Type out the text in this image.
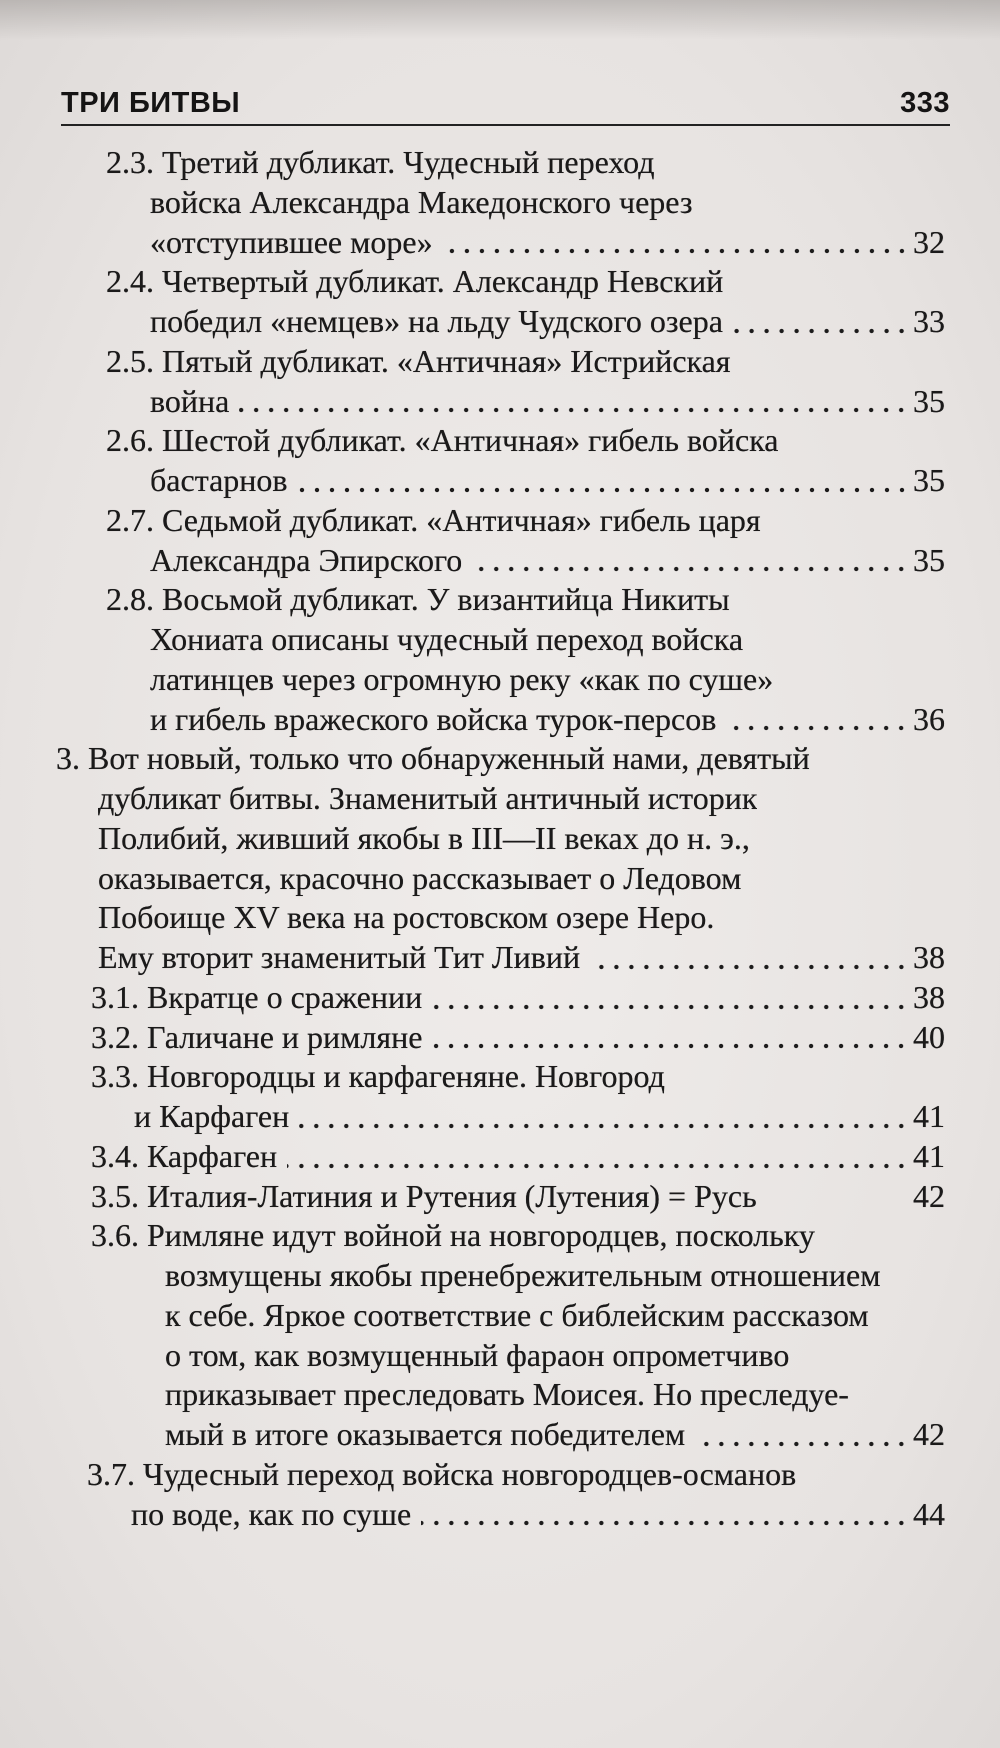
ТРИ БИТВЫ	333
2.3. Третий дубликат. Чудесный переход
войска Александра Македонского через
«отступившее море»	32
2.4. Четвертый дубликат. Александр Невский
победил «немцев» на льду Чудского озера	33
2.5. Пятый дубликат. «Античная» Истрийская
война	35
2.6. Шестой дубликат. «Античная» гибель войска
бастарнов	35
2.7. Седьмой дубликат. «Античная» гибель царя
Александра Эпирского	35
2.8. Восьмой дубликат. У византийца Никиты
Хониата описаны чудесный переход войска
латинцев через огромную реку «как по суше»
и гибель вражеского войска турок-персов	36
3. Вот новый, только что обнаруженный нами, девятый
дубликат битвы. Знаменитый античный историк
Полибий, живший якобы в III—II веках до н. э.,
оказывается, красочно рассказывает о Ледовом
Побоище XV века на ростовском озере Неро.
Ему вторит знаменитый Тит Ливий	38
3.1. Вкратце о сражении	38
3.2. Галичане и римляне	40
3.3. Новгородцы и карфагеняне. Новгород
и Карфаген	41
3.4. Карфаген	41
3.5. Италия-Латиния и Рутения (Лутения) = Русь	42
3.6. Римляне идут войной на новгородцев, поскольку
возмущены якобы пренебрежительным отношением
к себе. Яркое соответствие с библейским рассказом
о том, как возмущенный фараон опрометчиво
приказывает преследовать Моисея. Но преследуе-
мый в итоге оказывается победителем	42
3.7. Чудесный переход войска новгородцев-османов
по воде, как по суше	44
